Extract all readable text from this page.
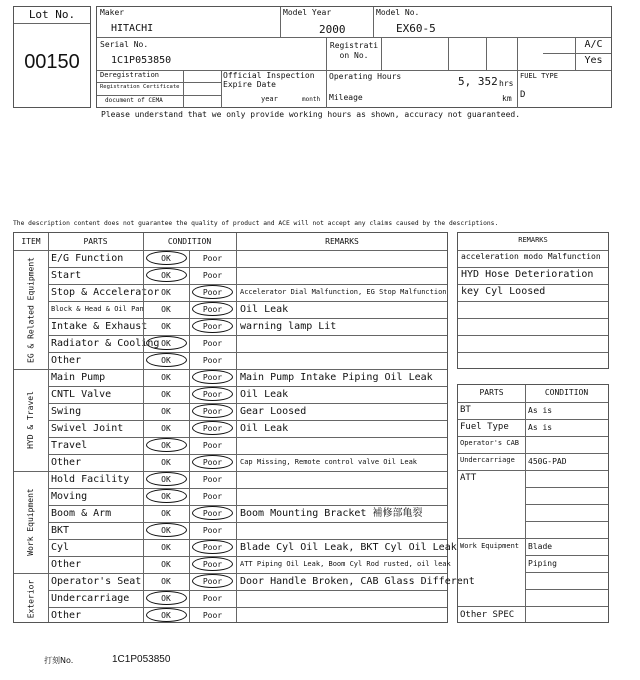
Lot No.
00150
Maker
HITACHI
Model Year
2000
Model No.
EX60-5
Serial No.
1C1P053850
Registrati
on No.
A/C
Yes
Deregistration
Registration Certificate
document of CEMA
Official Inspection
Expire Date
year	month
Operating Hours	5, 352 hrs
Mileage	km
FUEL TYPE
D
Please understand that we only provide working hours as shown, accuracy not guaranteed.
The description content does not guarantee the quality of product and ACE will not accept any claims caused by the descriptions.
ITEM	PARTS	CONDITION	REMARKS
E/G Function	OK	Poor
Start	OK	Poor
Stop & Accelerator OK	Poor	Accelerator Dial Malfunction, EG Stop Malfunction
Block & Head & Oil Pan	OK	Poor	Oil Leak
Intake & Exhaust	OK	Poor	warning lamp Lit
Radiator & Cooling OK	Poor
Other	OK	Poor
Main Pump	OK	Poor	Main Pump Intake Piping Oil Leak
CNTL Valve	OK	Poor	Oil Leak
Swing	OK	Poor	Gear Loosed
Swivel Joint	OK	Poor	Oil Leak
Travel	OK	Poor
Other	OK	Poor	Cap Missing, Remote control valve Oil Leak
Hold Facility	OK	Poor
Moving	OK	Poor
Boom & Arm	OK	Poor	Boom Mounting Bracket 補修部亀裂
BKT	OK	Poor
Cyl	OK	Poor	Blade Cyl Oil Leak, BKT Cyl Oil Leak
Other	OK	Poor	ATT Piping Oil Leak, Boom Cyl Rod rusted, oil leak
Operator's Seat	OK	Poor	Door Handle Broken, CAB Glass Different
Undercarriage	OK	Poor
Other	OK	Poor
EG & Related Equipment
HYD & Travel
Work Equipment
Exterior
REMARKS
acceleration modo Malfunction
HYD Hose Deterioration
key Cyl Loosed
PARTS	CONDITION
BT	As is
Fuel Type As is
Operator's CAB
Undercarriage 450G-PAD
ATT
Work Equipment Blade
Piping
Other SPEC
打刻No.	1C1P053850
